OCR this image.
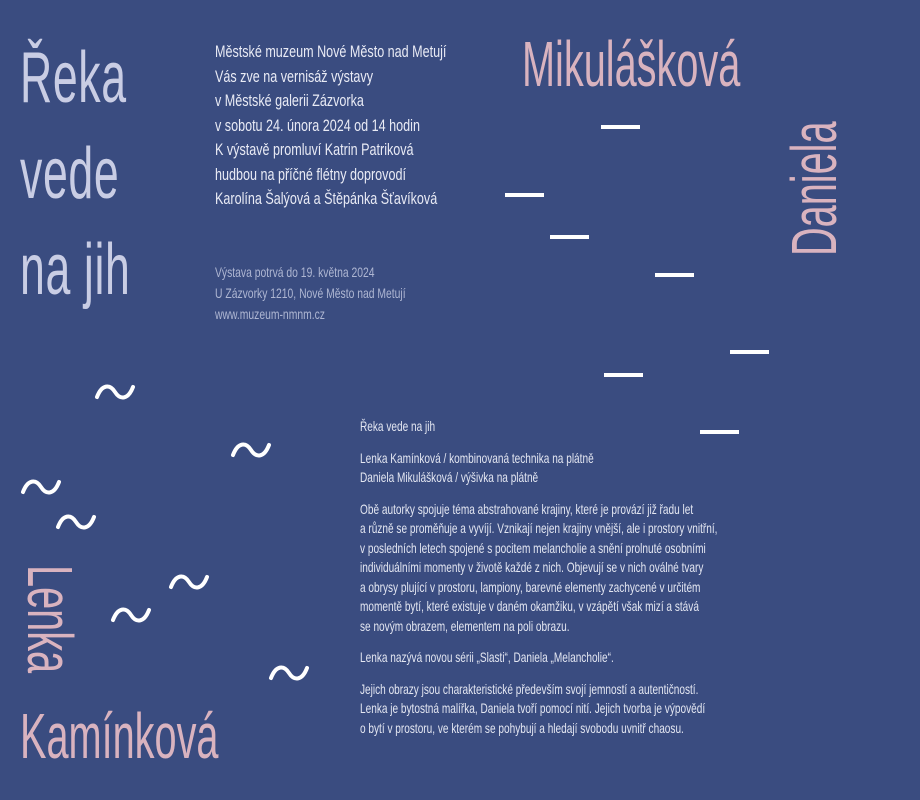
Řeka
vede
na jih
Městské muzeum Nové Město nad Metují
Vás zve na vernisáž výstavy
v Městské galerii Zázvorka
v sobotu 24. února 2024 od 14 hodin
K výstavě promluví Katrin Patriková
hudbou na příčné flétny doprovodí
Karolína Šalýová a Štěpánka Šťavíková
Výstava potrvá do 19. května 2024
U Zázvorky 1210, Nové Město nad Metují
www.muzeum-nmnm.cz
Mikulášková
Daniela
Lenka
Kamínková
Řeka vede na jih
Lenka Kamínková / kombinovaná technika na plátně
Daniela Mikulášková / výšivka na plátně
Obě autorky spojuje téma abstrahované krajiny, které je provází již řadu let
a různě se proměňuje a vyvíjí. Vznikají nejen krajiny vnější, ale i prostory vnitřní,
v posledních letech spojené s pocitem melancholie a snění prolnuté osobními
individuálními momenty v životě každé z nich. Objevují se v nich oválné tvary
a obrysy plující v prostoru, lampiony, barevné elementy zachycené v určitém
momentě bytí, které existuje v daném okamžiku, v vzápětí však mizí a stává
se novým obrazem, elementem na poli obrazu.
Lenka nazývá novou sérii „Slasti“, Daniela „Melancholie“.
Jejich obrazy jsou charakteristické především svojí jemností a autentičností.
Lenka je bytostná malířka, Daniela tvoří pomocí nití. Jejich tvorba je výpovědí
o bytí v prostoru, ve kterém se pohybují a hledají svobodu uvnitř chaosu.
